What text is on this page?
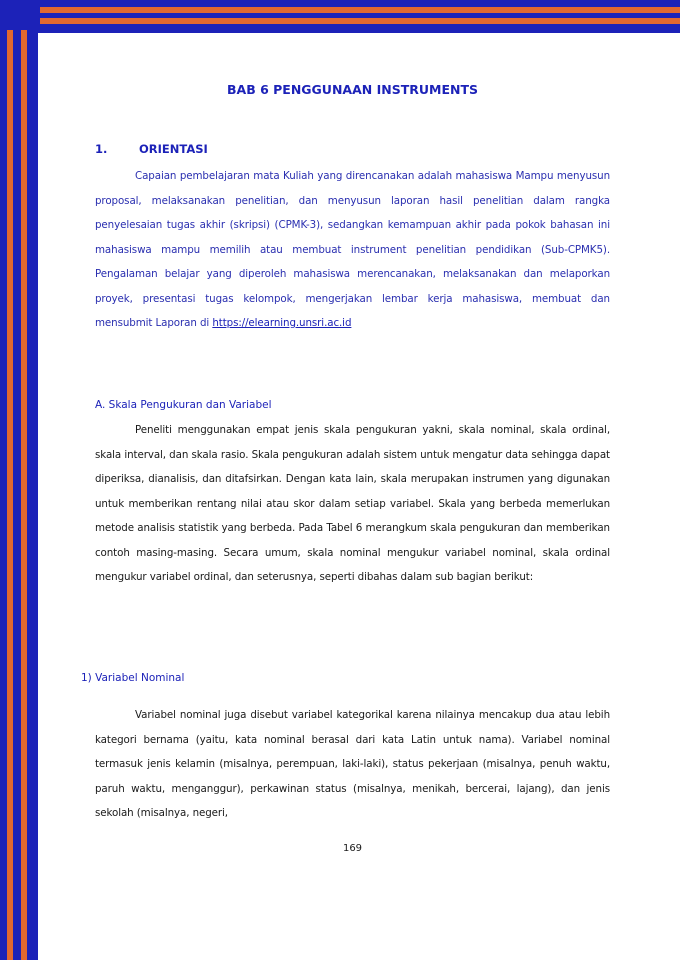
BAB 6 PENGGUNAAN INSTRUMENTS
1.	ORIENTASI
Capaian pembelajaran mata Kuliah yang direncanakan adalah mahasiswa Mampu menyusun proposal, melaksanakan penelitian, dan menyusun laporan hasil penelitian dalam rangka penyelesaian tugas akhir (skripsi) (CPMK-3), sedangkan kemampuan akhir pada pokok bahasan ini mahasiswa mampu memilih atau membuat instrument penelitian pendidikan (Sub-CPMK5). Pengalaman belajar yang diperoleh mahasiswa merencanakan, melaksanakan dan melaporkan proyek, presentasi tugas kelompok, mengerjakan lembar kerja mahasiswa, membuat dan mensubmit Laporan di https://elearning.unsri.ac.id
A. Skala Pengukuran dan Variabel
Peneliti menggunakan empat jenis skala pengukuran yakni, skala nominal, skala ordinal, skala interval, dan skala rasio. Skala pengukuran adalah sistem untuk mengatur data sehingga dapat diperiksa, dianalisis, dan ditafsirkan. Dengan kata lain, skala merupakan instrumen yang digunakan untuk memberikan rentang nilai atau skor dalam setiap variabel. Skala yang berbeda memerlukan metode analisis statistik yang berbeda. Pada Tabel 6 merangkum skala pengukuran dan memberikan contoh masing-masing. Secara umum, skala nominal mengukur variabel nominal, skala ordinal mengukur variabel ordinal, dan seterusnya, seperti dibahas dalam sub bagian berikut:
1) Variabel Nominal
Variabel nominal juga disebut variabel kategorikal karena nilainya mencakup dua atau lebih kategori bernama (yaitu, kata nominal berasal dari kata Latin untuk nama). Variabel nominal termasuk jenis kelamin (misalnya, perempuan, laki-laki), status pekerjaan (misalnya, penuh waktu, paruh waktu, menganggur), perkawinan status (misalnya, menikah, bercerai, lajang), dan jenis sekolah (misalnya, negeri,
169
